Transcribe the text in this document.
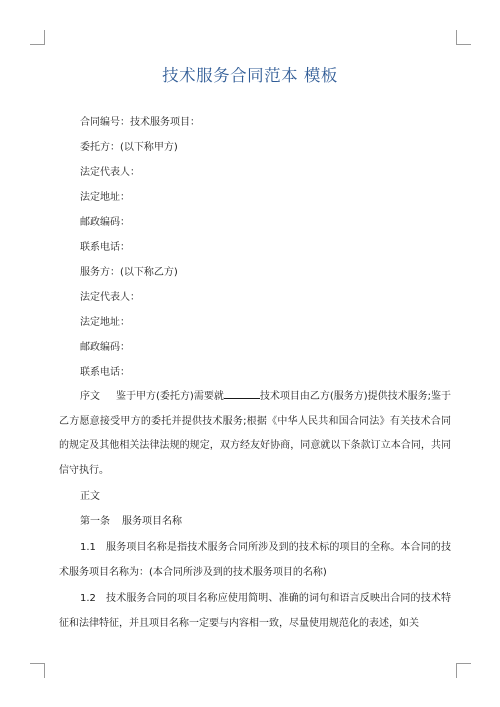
技术服务合同范本 模板
合同编号：技术服务项目：
委托方：(以下称甲方)
法定代表人：
法定地址：
邮政编码：
联系电话：
服务方：(以下称乙方)
法定代表人：
法定地址：
邮政编码：
联系电话：
序文 鉴于甲方(委托方)需要就	技术项目由乙方(服务方)提供技术服务;鉴于乙方愿意接受甲方的委托并提供技术服务;根据《中华人民共和国合同法》有关技术合同的规定及其他相关法律法规的规定，双方经友好协商，同意就以下条款订立本合同，共同信守执行。
正文
第一条 服务项目名称
1.1 服务项目名称是指技术服务合同所涉及到的技术标的项目的全称。本合同的技术服务项目名称为：(本合同所涉及到的技术服务项目的名称)
1.2 技术服务合同的项目名称应使用简明、准确的词句和语言反映出合同的技术特征和法律特征，并且项目名称一定要与内容相一致，尽量使用规范化的表述，如关
